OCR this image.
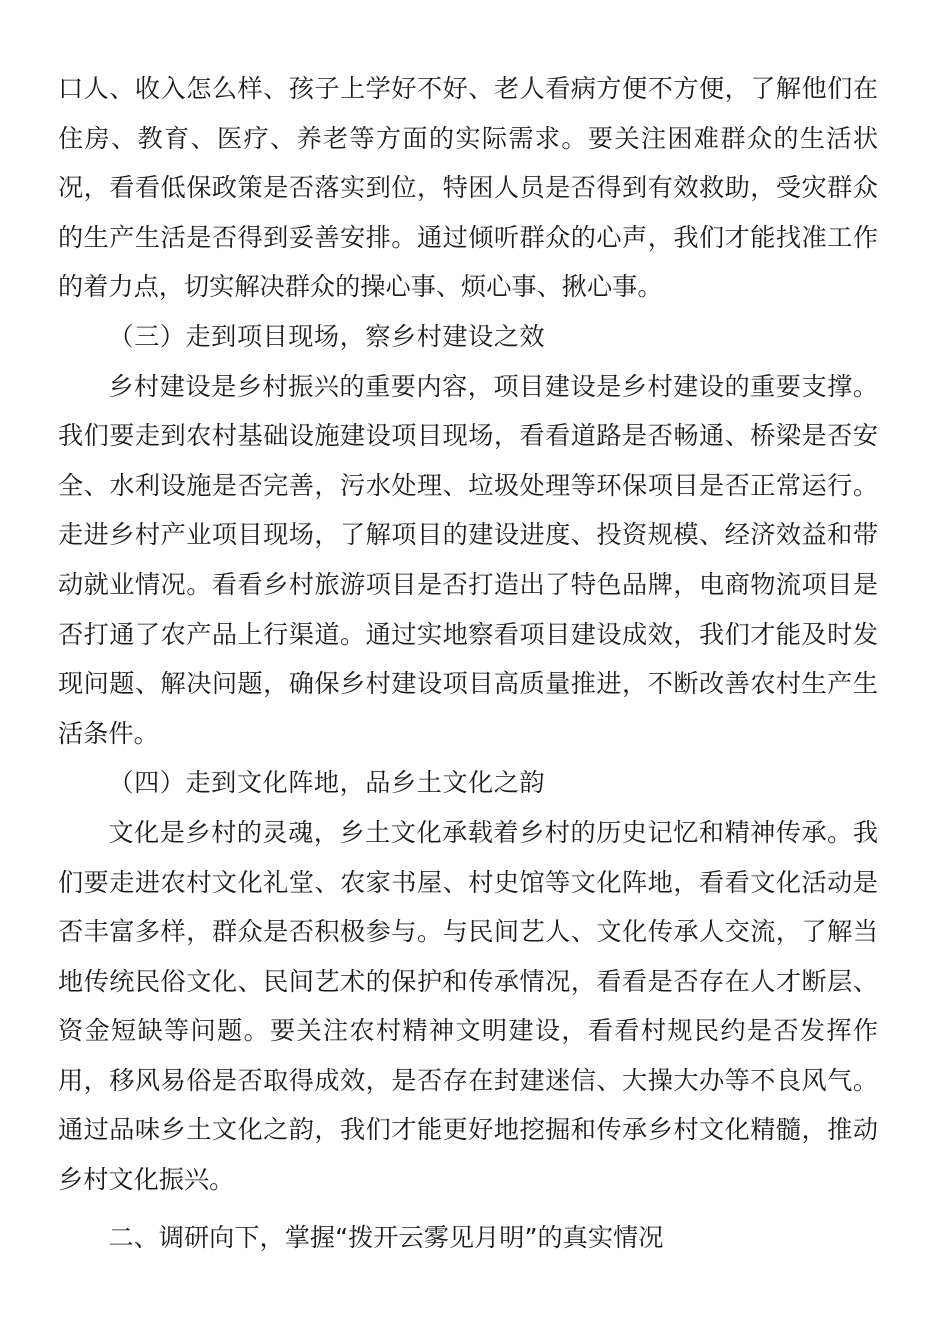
口人、收入怎么样、孩子上学好不好、老人看病方便不方便，了解他们在住房、教育、医疗、养老等方面的实际需求。要关注困难群众的生活状况，看看低保政策是否落实到位，特困人员是否得到有效救助，受灾群众的生产生活是否得到妥善安排。通过倾听群众的心声，我们才能找准工作的着力点，切实解决群众的操心事、烦心事、揪心事。

（三）走到项目现场，察乡村建设之效

乡村建设是乡村振兴的重要内容，项目建设是乡村建设的重要支撑。我们要走到农村基础设施建设项目现场，看看道路是否畅通、桥梁是否安全、水利设施是否完善，污水处理、垃圾处理等环保项目是否正常运行。走进乡村产业项目现场，了解项目的建设进度、投资规模、经济效益和带动就业情况。看看乡村旅游项目是否打造出了特色品牌，电商物流项目是否打通了农产品上行渠道。通过实地察看项目建设成效，我们才能及时发现问题、解决问题，确保乡村建设项目高质量推进，不断改善农村生产生活条件。

（四）走到文化阵地，品乡土文化之韵

文化是乡村的灵魂，乡土文化承载着乡村的历史记忆和精神传承。我们要走进农村文化礼堂、农家书屋、村史馆等文化阵地，看看文化活动是否丰富多样，群众是否积极参与。与民间艺人、文化传承人交流，了解当地传统民俗文化、民间艺术的保护和传承情况，看看是否存在人才断层、资金短缺等问题。要关注农村精神文明建设，看看村规民约是否发挥作用，移风易俗是否取得成效，是否存在封建迷信、大操大办等不良风气。通过品味乡土文化之韵，我们才能更好地挖掘和传承乡村文化精髓，推动乡村文化振兴。

二、调研向下，掌握“拨开云雾见月明”的真实情况
